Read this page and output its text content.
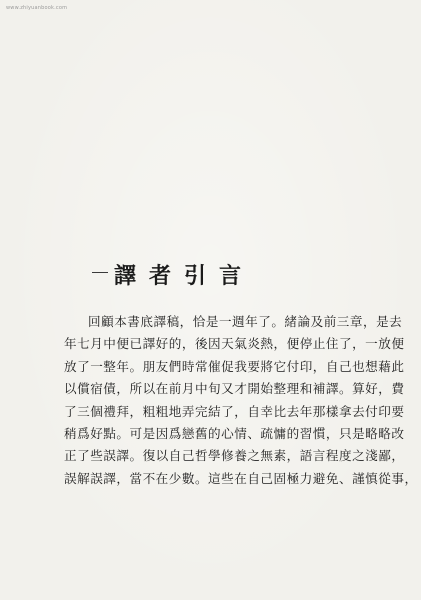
www.zhiyuanbook.com
譯者引言
回顧本書底譯稿，恰是一週年了。緒論及前三章，是去
年七月中便已譯好的，後因天氣炎熱，便停止住了，一放便
放了一整年。朋友們時常催促我要將它付印，自己也想藉此
以償宿債，所以在前月中旬又才開始整理和補譯。算好，費
了三個禮拜，粗粗地弄完結了，自幸比去年那樣拿去付印要
稍爲好點。可是因爲戀舊的心情、疏慵的習慣，只是略略改
正了些誤譯。復以自己哲學修養之無素，語言程度之淺鄙，
誤解誤譯，當不在少數。這些在自己固極力避免、謹慎從事，
